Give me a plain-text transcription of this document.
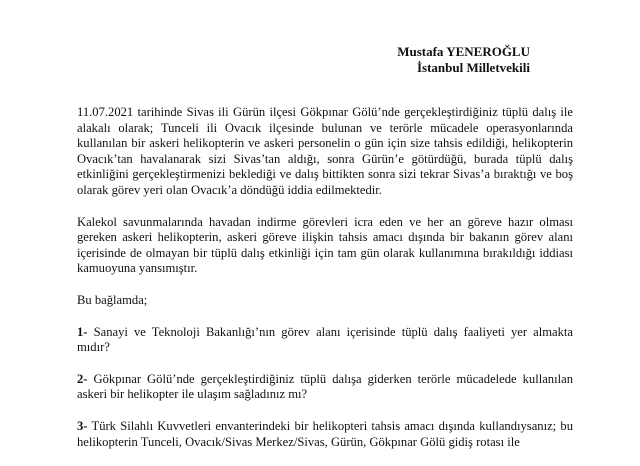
Mustafa YENEROĞLU
İstanbul Milletvekili

11.07.2021 tarihinde Sivas ili Gürün ilçesi Gökpınar Gölü’nde gerçekleştirdiğiniz tüplü dalış ile alakalı olarak; Tunceli ili Ovacık ilçesinde bulunan ve terörle mücadele operasyonlarında kullanılan bir askeri helikopterin ve askeri personelin o gün için size tahsis edildiği, helikopterin Ovacık’tan havalanarak sizi Sivas’tan aldığı, sonra Gürün’e götürdüğü, burada tüplü dalış etkinliğini gerçekleştirmenizi beklediği ve dalış bittikten sonra sizi tekrar Sivas’a bıraktığı ve boş olarak görev yeri olan Ovacık’a döndüğü iddia edilmektedir.

Kalekol savunmalarında havadan indirme görevleri icra eden ve her an göreve hazır olması gereken askeri helikopterin, askeri göreve ilişkin tahsis amacı dışında bir bakanın görev alanı içerisinde de olmayan bir tüplü dalış etkinliği için tam gün olarak kullanımına bırakıldığı iddiası kamuoyuna yansımıştır.

Bu bağlamda;

1- Sanayi ve Teknoloji Bakanlığı’nın görev alanı içerisinde tüplü dalış faaliyeti yer almakta mıdır?

2- Gökpınar Gölü’nde gerçekleştirdiğiniz tüplü dalışa giderken terörle mücadelede kullanılan askeri bir helikopter ile ulaşım sağladınız mı?

3- Türk Silahlı Kuvvetleri envanterindeki bir helikopteri tahsis amacı dışında kullandıysanız; bu helikopterin Tunceli, Ovacık/Sivas Merkez/Sivas, Gürün, Gökpınar Gölü gidiş rotası ile
